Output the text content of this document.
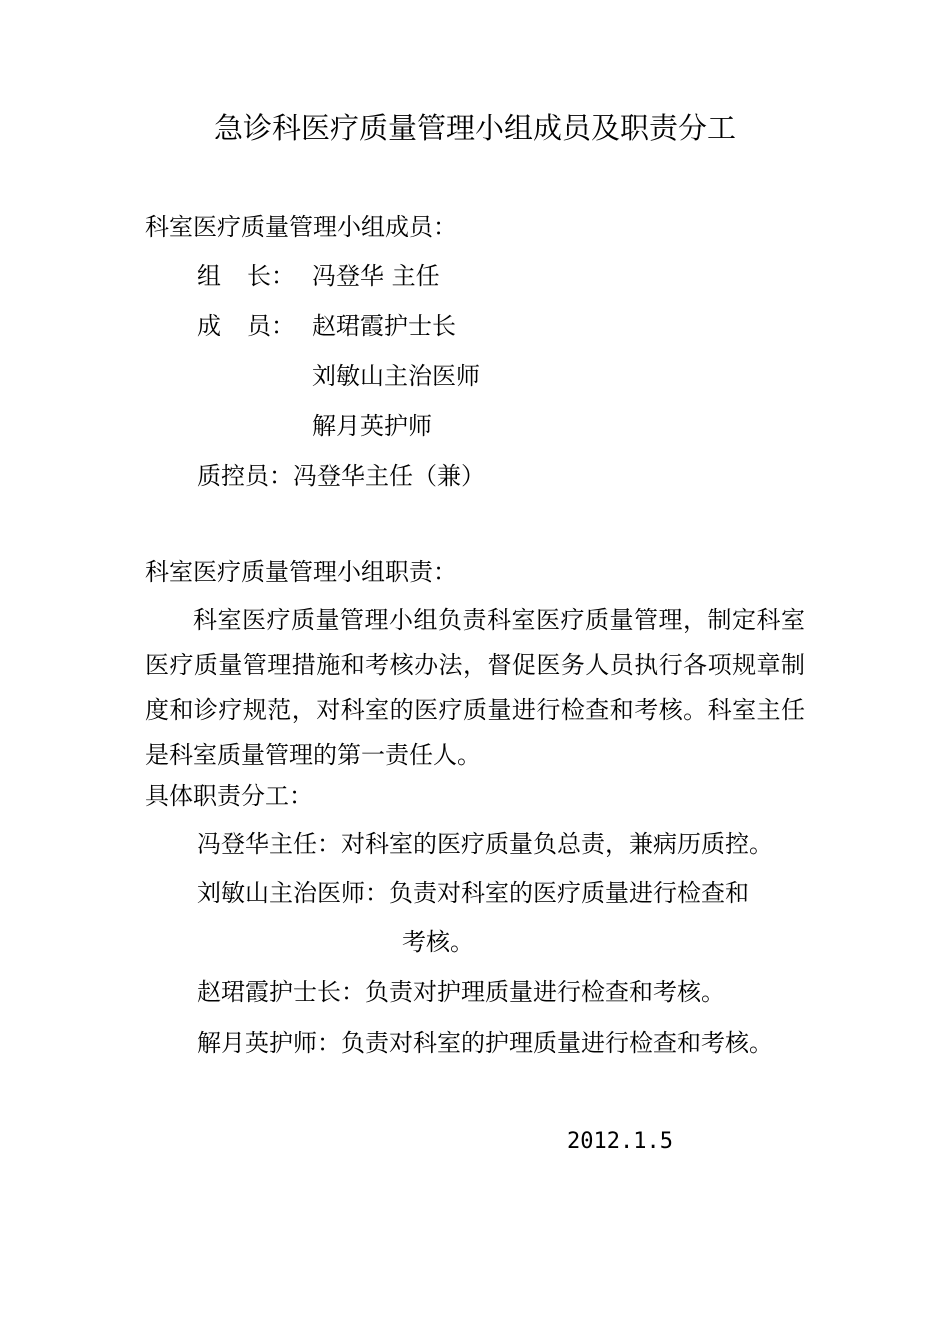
急诊科医疗质量管理小组成员及职责分工
科室医疗质量管理小组成员：
组 长： 冯登华 主任
成 员： 赵珺霞护士长
刘敏山主治医师
解月英护师
质控员：冯登华主任（兼）
科室医疗质量管理小组职责：
科室医疗质量管理小组负责科室医疗质量管理，制定科室医疗质量管理措施和考核办法，督促医务人员执行各项规章制度和诊疗规范，对科室的医疗质量进行检查和考核。科室主任是科室质量管理的第一责任人。
具体职责分工：
冯登华主任：对科室的医疗质量负总责，兼病历质控。
刘敏山主治医师：负责对科室的医疗质量进行检查和
考核。
赵珺霞护士长：负责对护理质量进行检查和考核。
解月英护师：负责对科室的护理质量进行检查和考核。
2012.1.5
